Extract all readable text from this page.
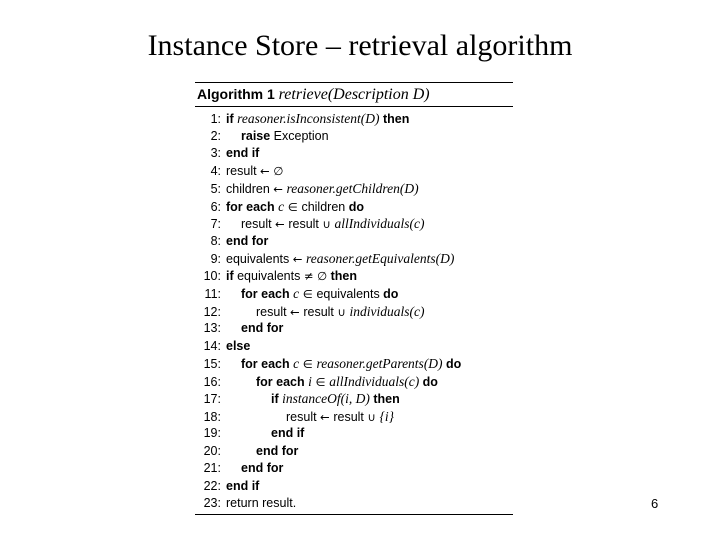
Instance Store – retrieval algorithm
Algorithm 1 retrieve(Description D)
1: if reasoner.isInconsistent(D) then
2: raise Exception
3: end if
4: result ← ∅
5: children ← reasoner.getChildren(D)
6: for each c ∈ children do
7: result ← result ∪ allIndividuals(c)
8: end for
9: equivalents ← reasoner.getEquivalents(D)
10: if equivalents ≠ ∅ then
11: for each c ∈ equivalents do
12:	result ← result ∪ individuals(c)
13: end for
14: else
15: for each c ∈ reasoner.getParents(D) do
16:	for each i ∈ allIndividuals(c) do
17:	if instanceOf(i, D) then
18:	result ← result ∪ {i}
19:	end if
20:	end for
21: end for
22: end if
23: return result.	6
